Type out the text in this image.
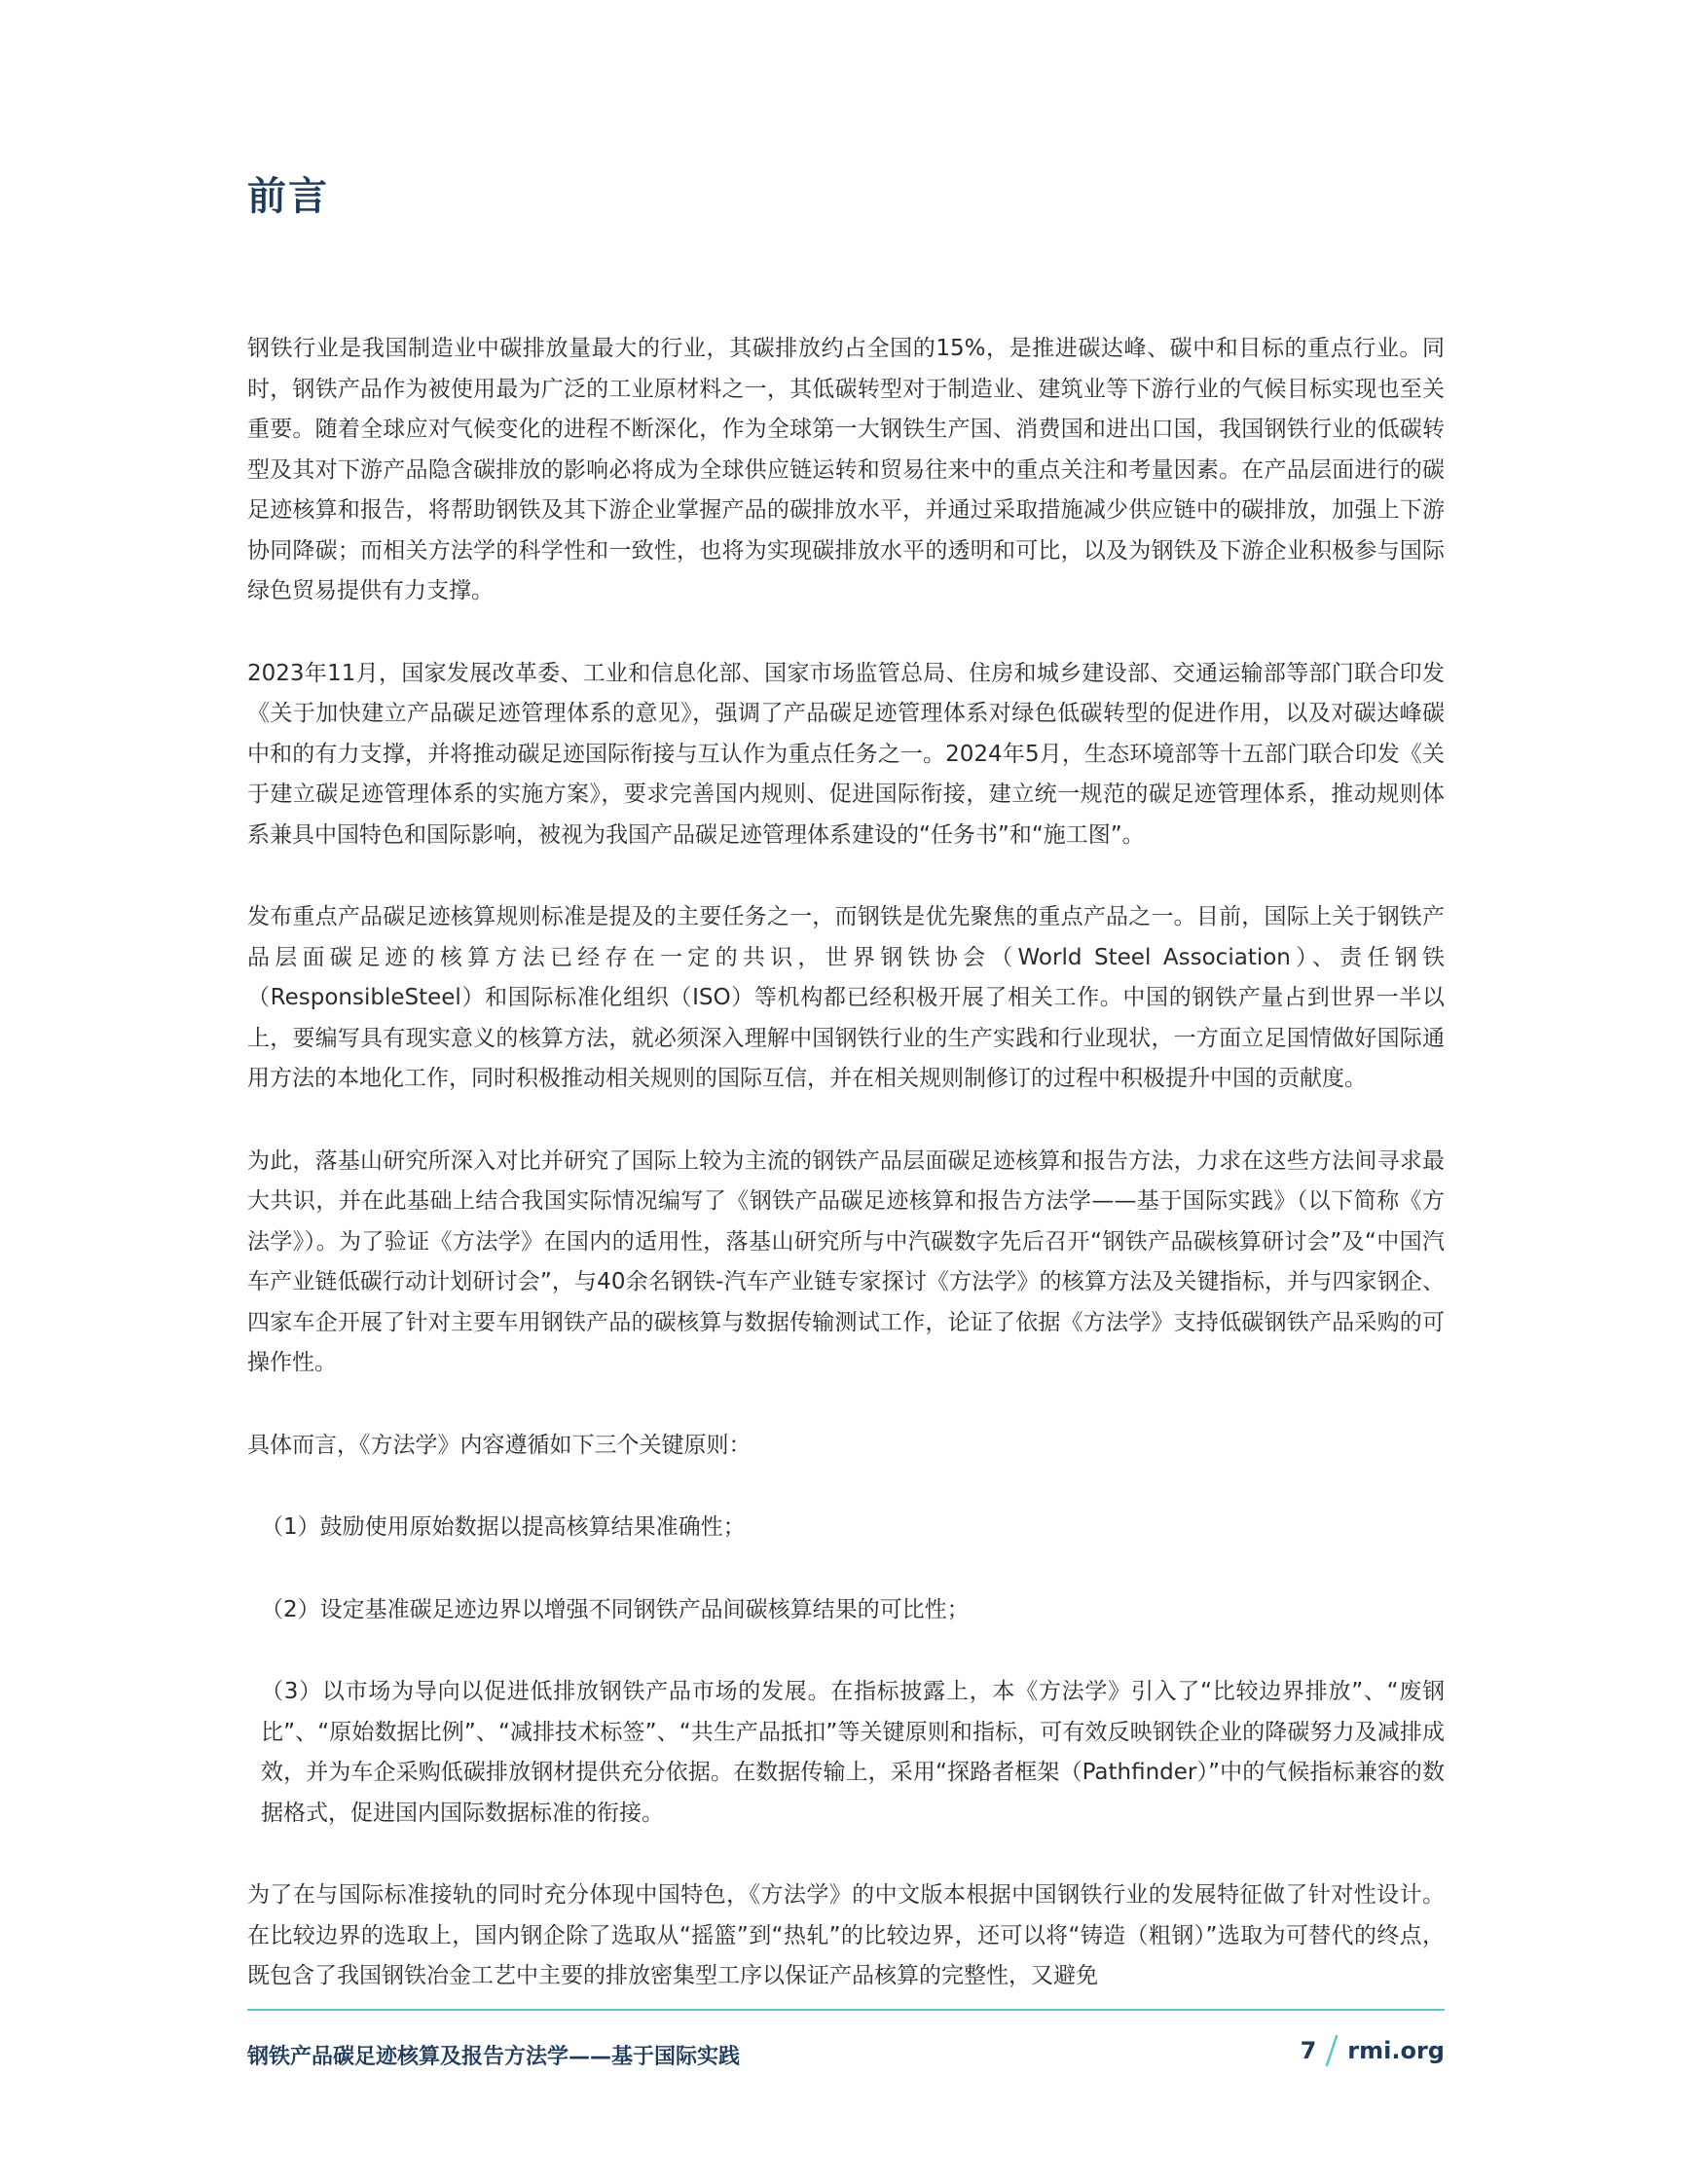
前言

钢铁行业是我国制造业中碳排放量最大的行业，其碳排放约占全国的15%，是推进碳达峰、碳中和目标的重点行业。同时，钢铁产品作为被使用最为广泛的工业原材料之一，其低碳转型对于制造业、建筑业等下游行业的气候目标实现也至关重要。随着全球应对气候变化的进程不断深化，作为全球第一大钢铁生产国、消费国和进出口国，我国钢铁行业的低碳转型及其对下游产品隐含碳排放的影响必将成为全球供应链运转和贸易往来中的重点关注和考量因素。在产品层面进行的碳足迹核算和报告，将帮助钢铁及其下游企业掌握产品的碳排放水平，并通过采取措施减少供应链中的碳排放，加强上下游协同降碳；而相关方法学的科学性和一致性，也将为实现碳排放水平的透明和可比，以及为钢铁及下游企业积极参与国际绿色贸易提供有力支撑。

2023年11月，国家发展改革委、工业和信息化部、国家市场监管总局、住房和城乡建设部、交通运输部等部门联合印发《关于加快建立产品碳足迹管理体系的意见》，强调了产品碳足迹管理体系对绿色低碳转型的促进作用，以及对碳达峰碳中和的有力支撑，并将推动碳足迹国际衔接与互认作为重点任务之一。2024年5月，生态环境部等十五部门联合印发《关于建立碳足迹管理体系的实施方案》，要求完善国内规则、促进国际衔接，建立统一规范的碳足迹管理体系，推动规则体系兼具中国特色和国际影响，被视为我国产品碳足迹管理体系建设的“任务书”和“施工图”。

发布重点产品碳足迹核算规则标准是提及的主要任务之一，而钢铁是优先聚焦的重点产品之一。目前，国际上关于钢铁产品层面碳足迹的核算方法已经存在一定的共识，世界钢铁协会（World Steel Association）、责任钢铁（ResponsibleSteel）和国际标准化组织（ISO）等机构都已经积极开展了相关工作。中国的钢铁产量占到世界一半以上，要编写具有现实意义的核算方法，就必须深入理解中国钢铁行业的生产实践和行业现状，一方面立足国情做好国际通用方法的本地化工作，同时积极推动相关规则的国际互信，并在相关规则制修订的过程中积极提升中国的贡献度。

为此，落基山研究所深入对比并研究了国际上较为主流的钢铁产品层面碳足迹核算和报告方法，力求在这些方法间寻求最大共识，并在此基础上结合我国实际情况编写了《钢铁产品碳足迹核算和报告方法学——基于国际实践》（以下简称《方法学》）。为了验证《方法学》在国内的适用性，落基山研究所与中汽碳数字先后召开“钢铁产品碳核算研讨会”及“中国汽车产业链低碳行动计划研讨会”，与40余名钢铁-汽车产业链专家探讨《方法学》的核算方法及关键指标，并与四家钢企、四家车企开展了针对主要车用钢铁产品的碳核算与数据传输测试工作，论证了依据《方法学》支持低碳钢铁产品采购的可操作性。

具体而言，《方法学》内容遵循如下三个关键原则：

（1）鼓励使用原始数据以提高核算结果准确性；

（2）设定基准碳足迹边界以增强不同钢铁产品间碳核算结果的可比性；

（3）以市场为导向以促进低排放钢铁产品市场的发展。在指标披露上，本《方法学》引入了“比较边界排放”、“废钢比”、“原始数据比例”、“减排技术标签”、“共生产品抵扣”等关键原则和指标，可有效反映钢铁企业的降碳努力及减排成效，并为车企采购低碳排放钢材提供充分依据。在数据传输上，采用“探路者框架（Pathfinder）”中的气候指标兼容的数据格式，促进国内国际数据标准的衔接。

为了在与国际标准接轨的同时充分体现中国特色，《方法学》的中文版本根据中国钢铁行业的发展特征做了针对性设计。在比较边界的选取上，国内钢企除了选取从“摇篮”到“热轧”的比较边界，还可以将“铸造（粗钢）”选取为可替代的终点，既包含了我国钢铁冶金工艺中主要的排放密集型工序以保证产品核算的完整性，又避免

钢铁产品碳足迹核算及报告方法学——基于国际实践	7 rmi.org
